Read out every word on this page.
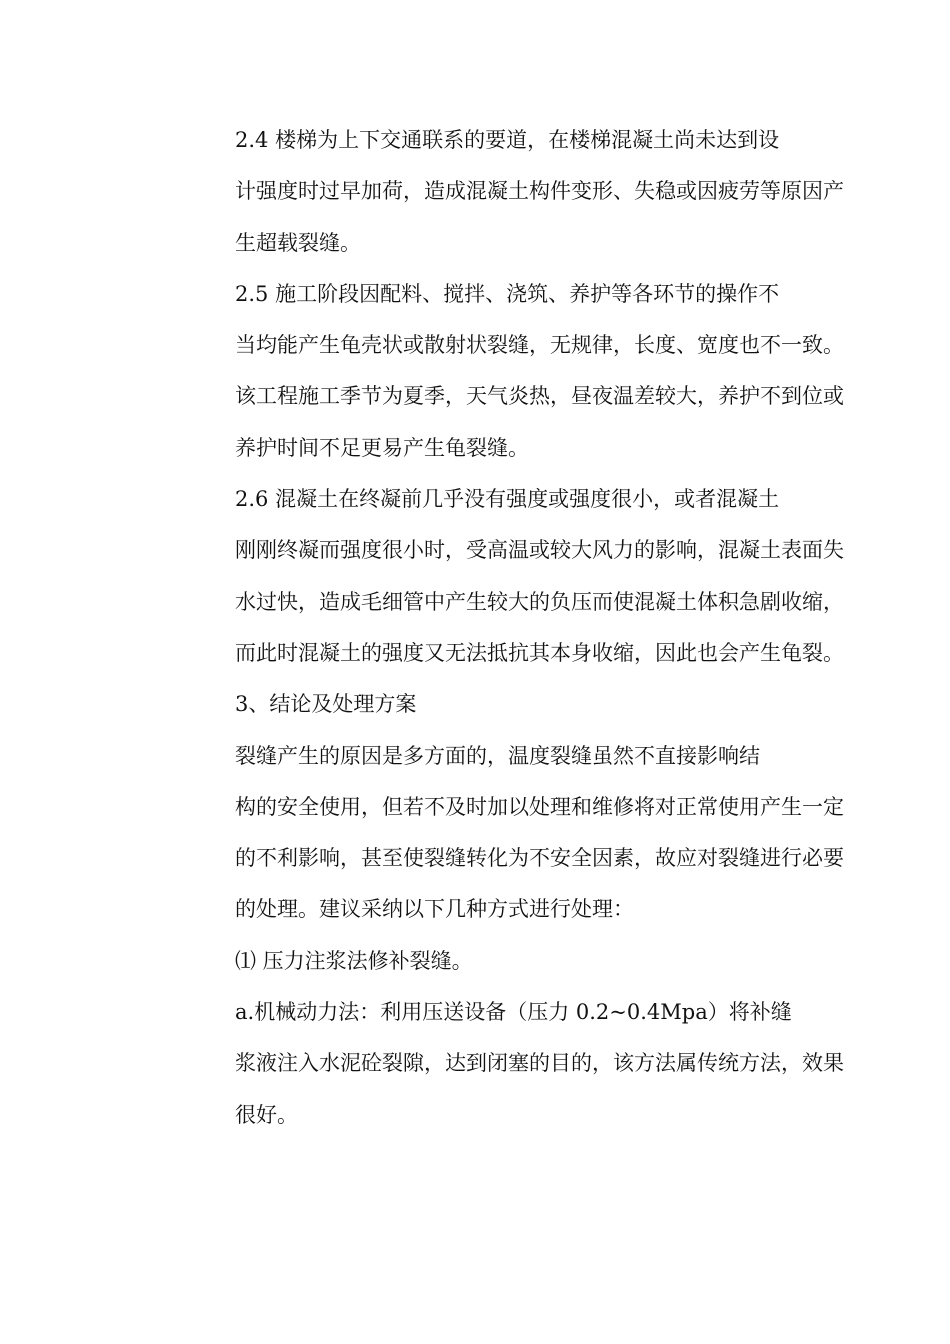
2.4 楼梯为上下交通联系的要道，在楼梯混凝土尚未达到设
计强度时过早加荷，造成混凝土构件变形、失稳或因疲劳等原因产
生超载裂缝。

2.5 施工阶段因配料、搅拌、浇筑、养护等各环节的操作不
当均能产生龟壳状或散射状裂缝，无规律，长度、宽度也不一致。
该工程施工季节为夏季，天气炎热，昼夜温差较大，养护不到位或
养护时间不足更易产生龟裂缝。

2.6 混凝土在终凝前几乎没有强度或强度很小，或者混凝土
刚刚终凝而强度很小时，受高温或较大风力的影响，混凝土表面失
水过快，造成毛细管中产生较大的负压而使混凝土体积急剧收缩，
而此时混凝土的强度又无法抵抗其本身收缩，因此也会产生龟裂。

3、结论及处理方案

裂缝产生的原因是多方面的，温度裂缝虽然不直接影响结
构的安全使用，但若不及时加以处理和维修将对正常使用产生一定
的不利影响，甚至使裂缝转化为不安全因素，故应对裂缝进行必要
的处理。建议采纳以下几种方式进行处理：

⑴ 压力注浆法修补裂缝。

a.机械动力法：利用压送设备（压力 0.2~0.4Mpa）将补缝
浆液注入水泥砼裂隙，达到闭塞的目的，该方法属传统方法，效果
很好。
